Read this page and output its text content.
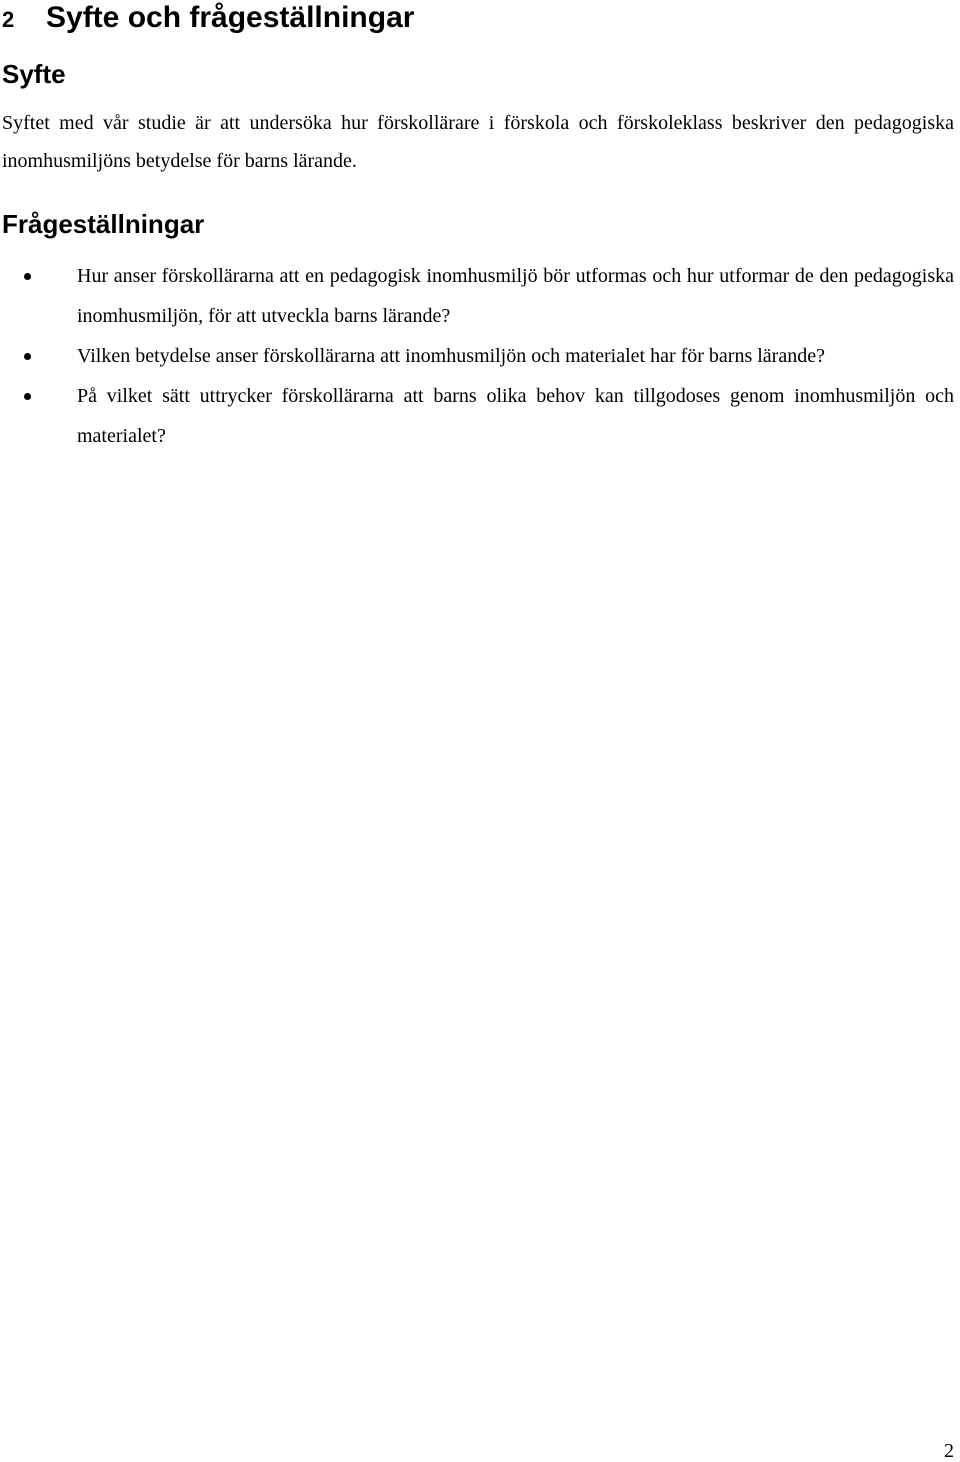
2 Syfte och frågeställningar
Syfte
Syftet med vår studie är att undersöka hur förskollärare i förskola och förskoleklass beskriver den pedagogiska inomhusmiljöns betydelse för barns lärande.
Frågeställningar
Hur anser förskollärarna att en pedagogisk inomhusmiljö bör utformas och hur utformar de den pedagogiska inomhusmiljön, för att utveckla barns lärande?
Vilken betydelse anser förskollärarna att inomhusmiljön och materialet har för barns lärande?
På vilket sätt uttrycker förskollärarna att barns olika behov kan tillgodoses genom inomhusmiljön och materialet?
2
